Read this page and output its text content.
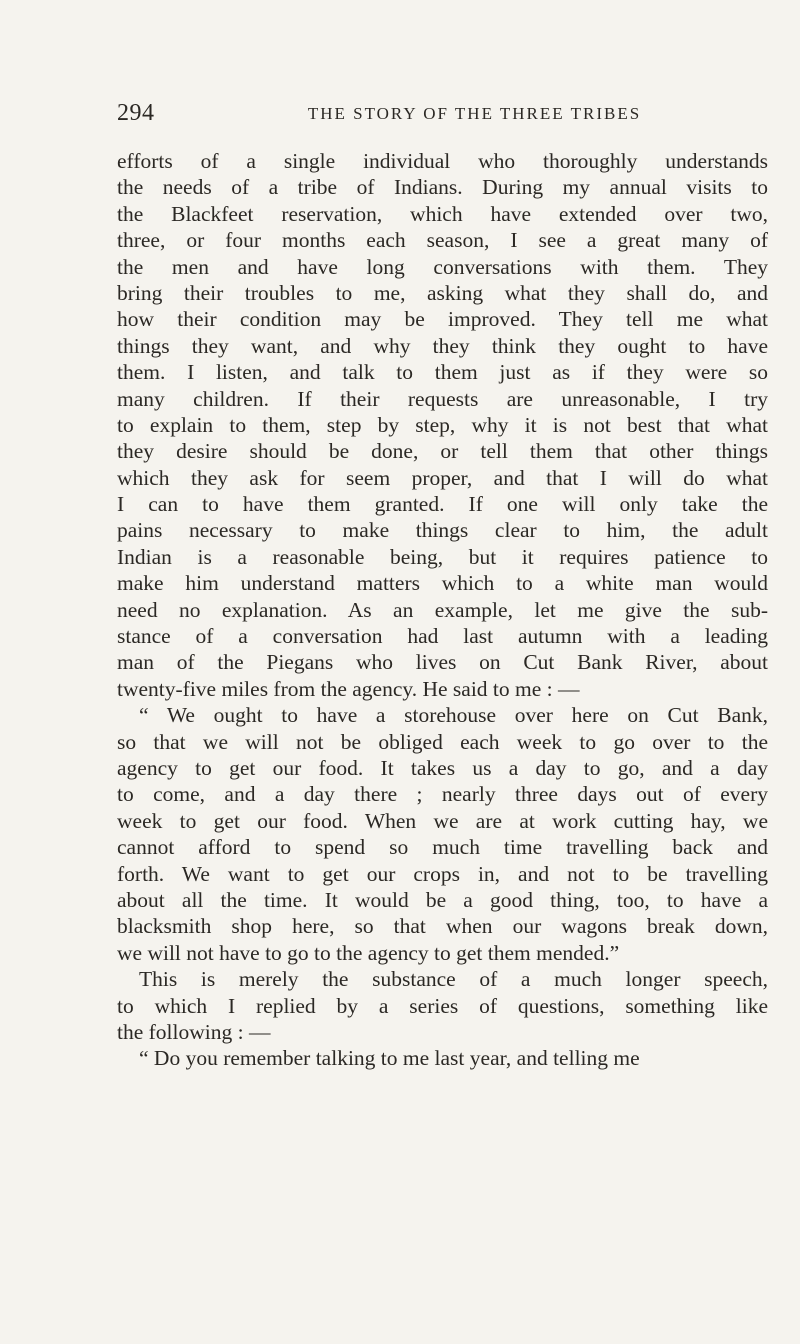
294	THE STORY OF THE THREE TRIBES
efforts of a single individual who thoroughly understands
the needs of a tribe of Indians. During my annual visits to
the Blackfeet reservation, which have extended over two,
three, or four months each season, I see a great many of
the men and have long conversations with them. They
bring their troubles to me, asking what they shall do, and
how their condition may be improved. They tell me what
things they want, and why they think they ought to have
them. I listen, and talk to them just as if they were so
many children. If their requests are unreasonable, I try
to explain to them, step by step, why it is not best that what
they desire should be done, or tell them that other things
which they ask for seem proper, and that I will do what
I can to have them granted. If one will only take the
pains necessary to make things clear to him, the adult
Indian is a reasonable being, but it requires patience to
make him understand matters which to a white man would
need no explanation. As an example, let me give the sub-
stance of a conversation had last autumn with a leading
man of the Piegans who lives on Cut Bank River, about
twenty-five miles from the agency. He said to me : —
“ We ought to have a storehouse over here on Cut Bank,
so that we will not be obliged each week to go over to the
agency to get our food. It takes us a day to go, and a day
to come, and a day there ; nearly three days out of every
week to get our food. When we are at work cutting hay, we
cannot afford to spend so much time travelling back and
forth. We want to get our crops in, and not to be travelling
about all the time. It would be a good thing, too, to have a
blacksmith shop here, so that when our wagons break down,
we will not have to go to the agency to get them mended.”
This is merely the substance of a much longer speech,
to which I replied by a series of questions, something like
the following : —
“ Do you remember talking to me last year, and telling me
